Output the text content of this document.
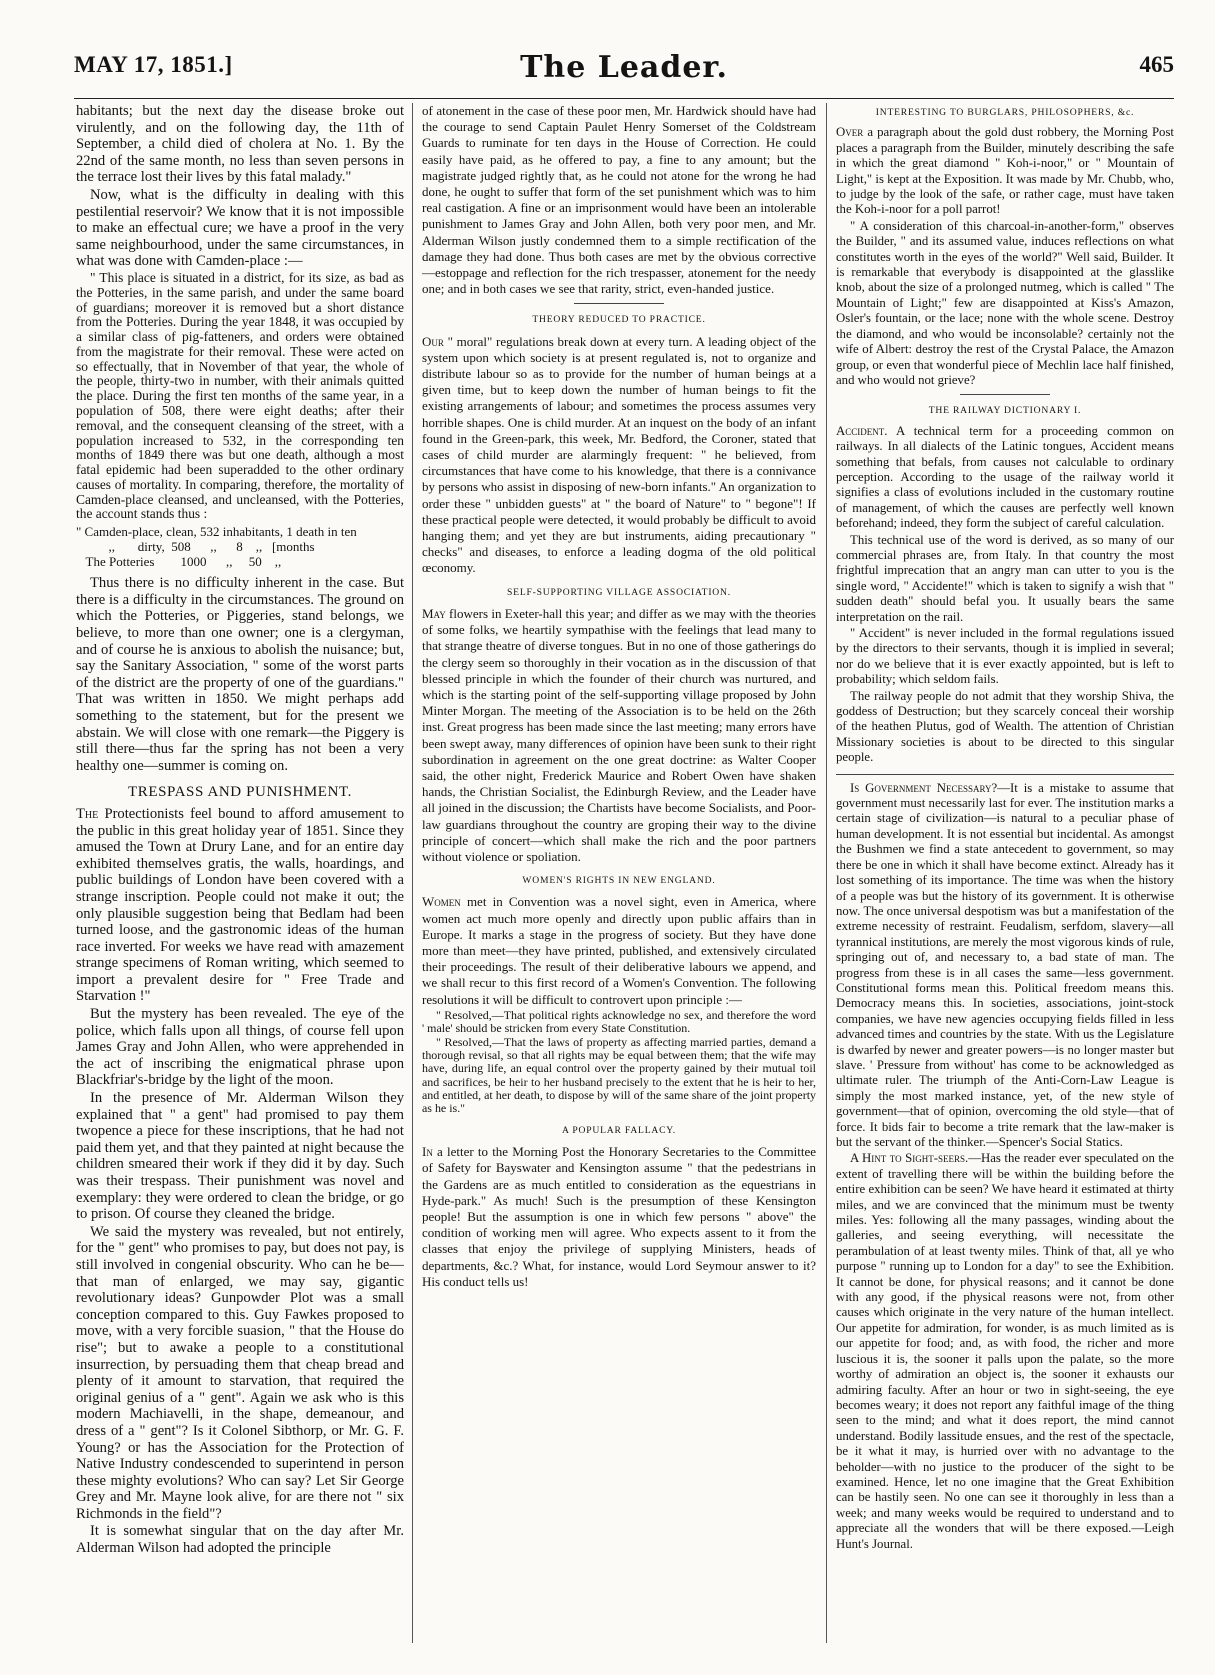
MAY 17, 1851.]	The Leader.	465

habitants; but the next day the disease broke out virulently, and on the following day, the 11th of September, a child died of cholera at No. 1. By the 22nd of the same month, no less than seven persons in the terrace lost their lives by this fatal malady."

Now, what is the difficulty in dealing with this pestilential reservoir? We know that it is not impossible to make an effectual cure; we have a proof in the very same neighbourhood, under the same circumstances, in what was done with Camden-place :—

" This place is situated in a district, for its size, as bad as the Potteries, in the same parish, and under the same board of guardians; moreover it is removed but a short distance from the Potteries. During the year 1848, it was occupied by a similar class of pig-fatteners, and orders were obtained from the magistrate for their removal. These were acted on so effectually, that in November of that year, the whole of the people, thirty-two in number, with their animals quitted the place. During the first ten months of the same year, in a population of 508, there were eight deaths; after their removal, and the consequent cleansing of the street, with a population increased to 532, in the corresponding ten months of 1849 there was but one death, although a most fatal epidemic had been superadded to the other ordinary causes of mortality. In comparing, therefore, the mortality of Camden-place cleansed, and uncleansed, with the Potteries, the account stands thus :

" Camden-place, clean, 532 inhabitants, 1 death in ten
,,       dirty,  508      ,,      8    ,,   [months
The Potteries        1000      ,,     50    ,,

Thus there is no difficulty inherent in the case. But there is a difficulty in the circumstances. The ground on which the Potteries, or Piggeries, stand belongs, we believe, to more than one owner; one is a clergyman, and of course he is anxious to abolish the nuisance; but, say the Sanitary Association, " some of the worst parts of the district are the property of one of the guardians." That was written in 1850. We might perhaps add something to the statement, but for the present we abstain. We will close with one remark—the Piggery is still there—thus far the spring has not been a very healthy one—summer is coming on.

TRESPASS AND PUNISHMENT.

The Protectionists feel bound to afford amusement to the public in this great holiday year of 1851. Since they amused the Town at Drury Lane, and for an entire day exhibited themselves gratis, the walls, hoardings, and public buildings of London have been covered with a strange inscription. People could not make it out; the only plausible suggestion being that Bedlam had been turned loose, and the gastronomic ideas of the human race inverted. For weeks we have read with amazement strange specimens of Roman writing, which seemed to import a prevalent desire for " Free Trade and Starvation !"

But the mystery has been revealed. The eye of the police, which falls upon all things, of course fell upon James Gray and John Allen, who were apprehended in the act of inscribing the enigmatical phrase upon Blackfriar's-bridge by the light of the moon.

In the presence of Mr. Alderman Wilson they explained that " a gent" had promised to pay them twopence a piece for these inscriptions, that he had not paid them yet, and that they painted at night because the children smeared their work if they did it by day. Such was their trespass. Their punishment was novel and exemplary: they were ordered to clean the bridge, or go to prison. Of course they cleaned the bridge.

We said the mystery was revealed, but not entirely, for the " gent" who promises to pay, but does not pay, is still involved in congenial obscurity. Who can he be—that man of enlarged, we may say, gigantic revolutionary ideas? Gunpowder Plot was a small conception compared to this. Guy Fawkes proposed to move, with a very forcible suasion, " that the House do rise"; but to awake a people to a constitutional insurrection, by persuading them that cheap bread and plenty of it amount to starvation, that required the original genius of a " gent". Again we ask who is this modern Machiavelli, in the shape, demeanour, and dress of a " gent"? Is it Colonel Sibthorp, or Mr. G. F. Young? or has the Association for the Protection of Native Industry condescended to superintend in person these mighty evolutions? Who can say? Let Sir George Grey and Mr. Mayne look alive, for are there not " six Richmonds in the field"?

It is somewhat singular that on the day after Mr. Alderman Wilson had adopted the principle

of atonement in the case of these poor men, Mr. Hardwick should have had the courage to send Captain Paulet Henry Somerset of the Coldstream Guards to ruminate for ten days in the House of Correction. He could easily have paid, as he offered to pay, a fine to any amount; but the magistrate judged rightly that, as he could not atone for the wrong he had done, he ought to suffer that form of the set punishment which was to him real castigation. A fine or an imprisonment would have been an intolerable punishment to James Gray and John Allen, both very poor men, and Mr. Alderman Wilson justly condemned them to a simple rectification of the damage they had done. Thus both cases are met by the obvious corrective—estoppage and reflection for the rich trespasser, atonement for the needy one; and in both cases we see that rarity, strict, even-handed justice.

THEORY REDUCED TO PRACTICE.

Our " moral" regulations break down at every turn. A leading object of the system upon which society is at present regulated is, not to organize and distribute labour so as to provide for the number of human beings at a given time, but to keep down the number of human beings to fit the existing arrangements of labour; and sometimes the process assumes very horrible shapes. One is child murder. At an inquest on the body of an infant found in the Green-park, this week, Mr. Bedford, the Coroner, stated that cases of child murder are alarmingly frequent: " he believed, from circumstances that have come to his knowledge, that there is a connivance by persons who assist in disposing of new-born infants." An organization to order these " unbidden guests" at " the board of Nature" to " begone"! If these practical people were detected, it would probably be difficult to avoid hanging them; and yet they are but instruments, aiding precautionary " checks" and diseases, to enforce a leading dogma of the old political œconomy.

SELF-SUPPORTING VILLAGE ASSOCIATION.

May flowers in Exeter-hall this year; and differ as we may with the theories of some folks, we heartily sympathise with the feelings that lead many to that strange theatre of diverse tongues. But in no one of those gatherings do the clergy seem so thoroughly in their vocation as in the discussion of that blessed principle in which the founder of their church was nurtured, and which is the starting point of the self-supporting village proposed by John Minter Morgan. The meeting of the Association is to be held on the 26th inst. Great progress has been made since the last meeting; many errors have been swept away, many differences of opinion have been sunk to their right subordination in agreement on the one great doctrine: as Walter Cooper said, the other night, Frederick Maurice and Robert Owen have shaken hands, the Christian Socialist, the Edinburgh Review, and the Leader have all joined in the discussion; the Chartists have become Socialists, and Poor-law guardians throughout the country are groping their way to the divine principle of concert—which shall make the rich and the poor partners without violence or spoliation.

WOMEN'S RIGHTS IN NEW ENGLAND.

Women met in Convention was a novel sight, even in America, where women act much more openly and directly upon public affairs than in Europe. It marks a stage in the progress of society. But they have done more than meet—they have printed, published, and extensively circulated their proceedings. The result of their deliberative labours we append, and we shall recur to this first record of a Women's Convention. The following resolutions it will be difficult to controvert upon principle :—

" Resolved,—That political rights acknowledge no sex, and therefore the word ' male' should be stricken from every State Constitution.

" Resolved,—That the laws of property as affecting married parties, demand a thorough revisal, so that all rights may be equal between them; that the wife may have, during life, an equal control over the property gained by their mutual toil and sacrifices, be heir to her husband precisely to the extent that he is heir to her, and entitled, at her death, to dispose by will of the same share of the joint property as he is."

A POPULAR FALLACY.

In a letter to the Morning Post the Honorary Secretaries to the Committee of Safety for Bayswater and Kensington assume " that the pedestrians in the Gardens are as much entitled to consideration as the equestrians in Hyde-park." As much! Such is the presumption of these Kensington people! But the assumption is one in which few persons " above" the condition of working men will agree. Who expects assent to it from the classes that enjoy the privilege of supplying Ministers, heads of departments, &c.? What, for instance, would Lord Seymour answer to it? His conduct tells us!

INTERESTING TO BURGLARS, PHILOSOPHERS, &c.

Over a paragraph about the gold dust robbery, the Morning Post places a paragraph from the Builder, minutely describing the safe in which the great diamond " Koh-i-noor," or " Mountain of Light," is kept at the Exposition. It was made by Mr. Chubb, who, to judge by the look of the safe, or rather cage, must have taken the Koh-i-noor for a poll parrot!

" A consideration of this charcoal-in-another-form," observes the Builder, " and its assumed value, induces reflections on what constitutes worth in the eyes of the world?" Well said, Builder. It is remarkable that everybody is disappointed at the glasslike knob, about the size of a prolonged nutmeg, which is called " The Mountain of Light;" few are disappointed at Kiss's Amazon, Osler's fountain, or the lace; none with the whole scene. Destroy the diamond, and who would be inconsolable? certainly not the wife of Albert: destroy the rest of the Crystal Palace, the Amazon group, or even that wonderful piece of Mechlin lace half finished, and who would not grieve?

THE RAILWAY DICTIONARY I.

Accident. A technical term for a proceeding common on railways. In all dialects of the Latinic tongues, Accident means something that befals, from causes not calculable to ordinary perception. According to the usage of the railway world it signifies a class of evolutions included in the customary routine of management, of which the causes are perfectly well known beforehand; indeed, they form the subject of careful calculation.

This technical use of the word is derived, as so many of our commercial phrases are, from Italy. In that country the most frightful imprecation that an angry man can utter to you is the single word, " Accidente!" which is taken to signify a wish that " sudden death" should befal you. It usually bears the same interpretation on the rail.

" Accident" is never included in the formal regulations issued by the directors to their servants, though it is implied in several; nor do we believe that it is ever exactly appointed, but is left to probability; which seldom fails.

The railway people do not admit that they worship Shiva, the goddess of Destruction; but they scarcely conceal their worship of the heathen Plutus, god of Wealth. The attention of Christian Missionary societies is about to be directed to this singular people.

Is Government Necessary?—It is a mistake to assume that government must necessarily last for ever. The institution marks a certain stage of civilization—is natural to a peculiar phase of human development. It is not essential but incidental. As amongst the Bushmen we find a state antecedent to government, so may there be one in which it shall have become extinct. Already has it lost something of its importance. The time was when the history of a people was but the history of its government. It is otherwise now. The once universal despotism was but a manifestation of the extreme necessity of restraint. Feudalism, serfdom, slavery—all tyrannical institutions, are merely the most vigorous kinds of rule, springing out of, and necessary to, a bad state of man. The progress from these is in all cases the same—less government. Constitutional forms mean this. Political freedom means this. Democracy means this. In societies, associations, joint-stock companies, we have new agencies occupying fields filled in less advanced times and countries by the state. With us the Legislature is dwarfed by newer and greater powers—is no longer master but slave. ' Pressure from without' has come to be acknowledged as ultimate ruler. The triumph of the Anti-Corn-Law League is simply the most marked instance, yet, of the new style of government—that of opinion, overcoming the old style—that of force. It bids fair to become a trite remark that the law-maker is but the servant of the thinker.—Spencer's Social Statics.

A Hint to Sight-seers.—Has the reader ever speculated on the extent of travelling there will be within the building before the entire exhibition can be seen? We have heard it estimated at thirty miles, and we are convinced that the minimum must be twenty miles. Yes: following all the many passages, winding about the galleries, and seeing everything, will necessitate the perambulation of at least twenty miles. Think of that, all ye who purpose " running up to London for a day" to see the Exhibition. It cannot be done, for physical reasons; and it cannot be done with any good, if the physical reasons were not, from other causes which originate in the very nature of the human intellect. Our appetite for admiration, for wonder, is as much limited as is our appetite for food; and, as with food, the richer and more luscious it is, the sooner it palls upon the palate, so the more worthy of admiration an object is, the sooner it exhausts our admiring faculty. After an hour or two in sight-seeing, the eye becomes weary; it does not report any faithful image of the thing seen to the mind; and what it does report, the mind cannot understand. Bodily lassitude ensues, and the rest of the spectacle, be it what it may, is hurried over with no advantage to the beholder—with no justice to the producer of the sight to be examined. Hence, let no one imagine that the Great Exhibition can be hastily seen. No one can see it thoroughly in less than a week; and many weeks would be required to understand and to appreciate all the wonders that will be there exposed.—Leigh Hunt's Journal.
